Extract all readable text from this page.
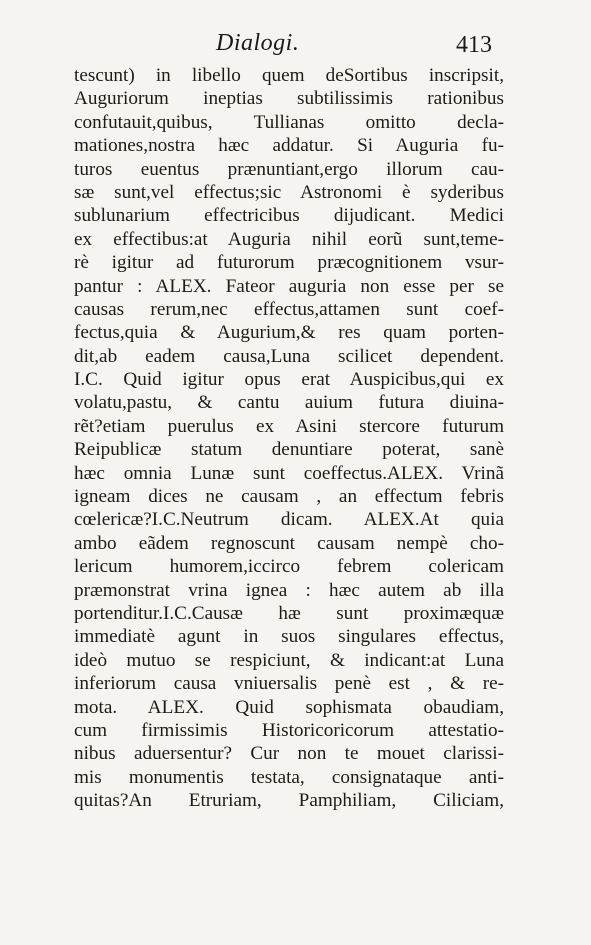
Dialogi.	413
tescunt) in libello quem deSortibus inscripsit,
Auguriorum ineptias subtilissimis rationibus
confutauit,quibus, Tullianas omitto decla-
mationes,nostra hæc addatur. Si Auguria fu-
turos euentus prænuntiant,ergo illorum cau-
sæ sunt,vel effectus;sic Astronomi è syderibus
sublunarium effectricibus dijudicant. Medici
ex effectibus:at Auguria nihil eorũ sunt,teme-
rè igitur ad futurorum præcognitionem vsur-
pantur : ALEX. Fateor auguria non esse per se
causas rerum,nec effectus,attamen sunt coef-
fectus,quia & Augurium,& res quam porten-
dit,ab eadem causa,Luna scilicet dependent.
I.C. Quid igitur opus erat Auspicibus,qui ex
volatu,pastu, & cantu auium futura diuina-
rẽt?etiam puerulus ex Asini stercore futurum
Reipublicæ statum denuntiare poterat, sanè
hæc omnia Lunæ sunt coeffectus.ALEX. Vrinã
igneam dices ne causam , an effectum febris
cœlericæ?I.C.Neutrum dicam. ALEX.At quia
ambo eãdem regnoscunt causam nempè cho-
lericum humorem,iccirco febrem colericam
præmonstrat vrina ignea : hæc autem ab illa
portenditur.I.C.Causæ hæ sunt proximæquæ
immediatè agunt in suos singulares effectus,
ideò mutuo se respiciunt, & indicant:at Luna
inferiorum causa vniuersalis penè est , & re-
mota. ALEX. Quid sophismata obaudiam,
cum firmissimis Historicoricorum attestatio-
nibus aduersentur? Cur non te mouet clarissi-
mis monumentis testata, consignataque anti-
quitas?An Etruriam, Pamphiliam, Ciliciam,
